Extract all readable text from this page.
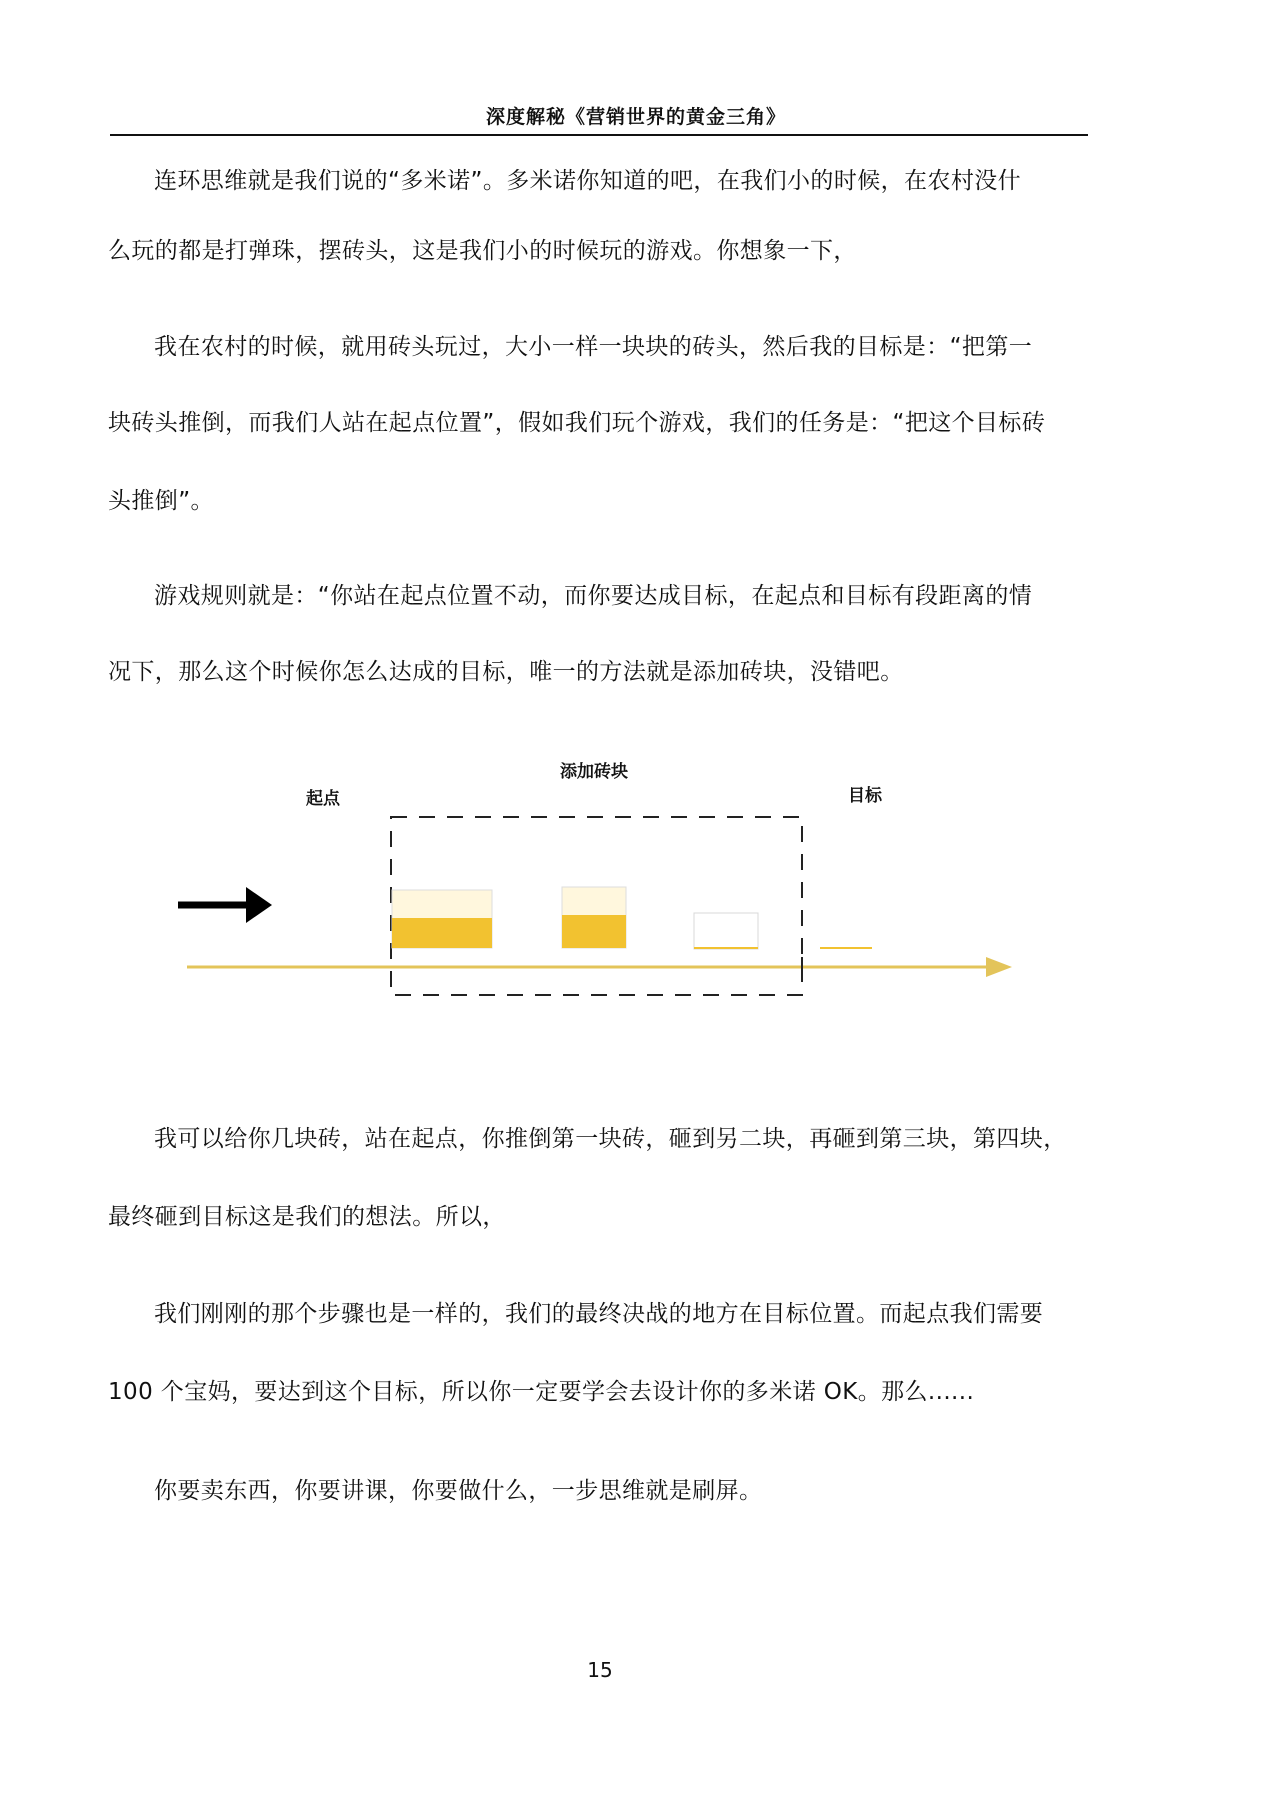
深度解秘《营销世界的黄金三角》
连环思维就是我们说的“多米诺”。多米诺你知道的吧，在我们小的时候，在农村没什
么玩的都是打弹珠，摆砖头，这是我们小的时候玩的游戏。你想象一下，
我在农村的时候，就用砖头玩过，大小一样一块块的砖头，然后我的目标是：“把第一
块砖头推倒，而我们人站在起点位置”，假如我们玩个游戏，我们的任务是：“把这个目标砖
头推倒”。
游戏规则就是：“你站在起点位置不动，而你要达成目标，在起点和目标有段距离的情
况下，那么这个时候你怎么达成的目标，唯一的方法就是添加砖块，没错吧。
起点
添加砖块
目标
我可以给你几块砖，站在起点，你推倒第一块砖，砸到另二块，再砸到第三块，第四块，
最终砸到目标这是我们的想法。所以，
我们刚刚的那个步骤也是一样的，我们的最终决战的地方在目标位置。而起点我们需要
100 个宝妈，要达到这个目标，所以你一定要学会去设计你的多米诺 OK。那么......
你要卖东西，你要讲课，你要做什么，一步思维就是刷屏。
15
